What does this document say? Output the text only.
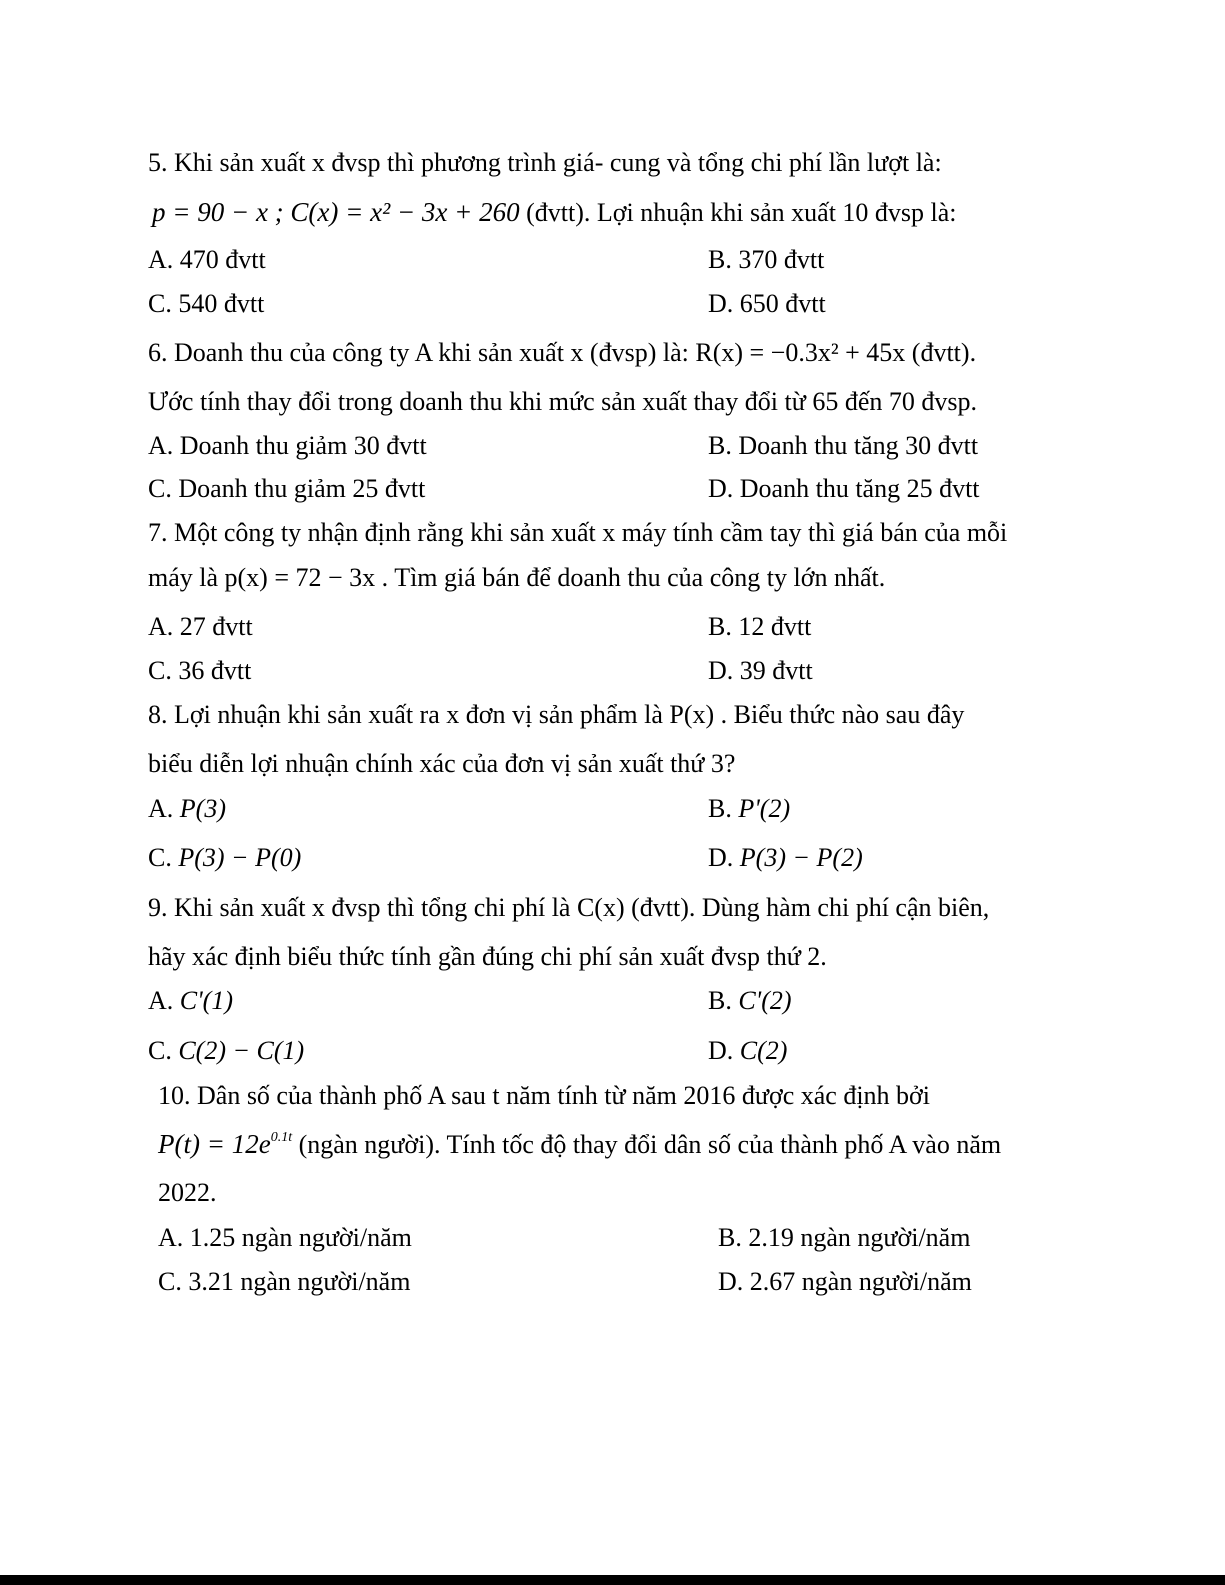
5. Khi sản xuất x đvsp thì phương trình giá- cung và tổng chi phí lần lượt là:
p = 90 − x ; C(x) = x² − 3x + 260 (đvtt). Lợi nhuận khi sản xuất 10 đvsp là:
A. 470 đvtt	B. 370 đvtt
C. 540 đvtt	D. 650 đvtt
6. Doanh thu của công ty A khi sản xuất x (đvsp) là: R(x) = −0.3x² + 45x (đvtt).
Ước tính thay đổi trong doanh thu khi mức sản xuất thay đổi từ 65 đến 70 đvsp.
A. Doanh thu giảm 30 đvtt	B. Doanh thu tăng 30 đvtt
C. Doanh thu giảm 25 đvtt	D. Doanh thu tăng 25 đvtt
7. Một công ty nhận định rằng khi sản xuất x máy tính cầm tay thì giá bán của mỗi
máy là p(x) = 72 − 3x . Tìm giá bán để doanh thu của công ty lớn nhất.
A. 27 đvtt	B. 12 đvtt
C. 36 đvtt	D. 39 đvtt
8. Lợi nhuận khi sản xuất ra x đơn vị sản phẩm là P(x) . Biểu thức nào sau đây
biểu diễn lợi nhuận chính xác của đơn vị sản xuất thứ 3?
A. P(3)	B. P'(2)
C. P(3) − P(0)	D. P(3) − P(2)
9. Khi sản xuất x đvsp thì tổng chi phí là C(x) (đvtt). Dùng hàm chi phí cận biên,
hãy xác định biểu thức tính gần đúng chi phí sản xuất đvsp thứ 2.
A. C'(1)	B. C'(2)
C. C(2) − C(1)	D. C(2)
10. Dân số của thành phố A sau t năm tính từ năm 2016 được xác định bởi
$P(t) = 12e^{0.1t}$ (ngàn người). Tính tốc độ thay đổi dân số của thành phố A vào năm
2022.
A. 1.25 ngàn người/năm	B. 2.19 ngàn người/năm
C. 3.21 ngàn người/năm	D. 2.67 ngàn người/năm
